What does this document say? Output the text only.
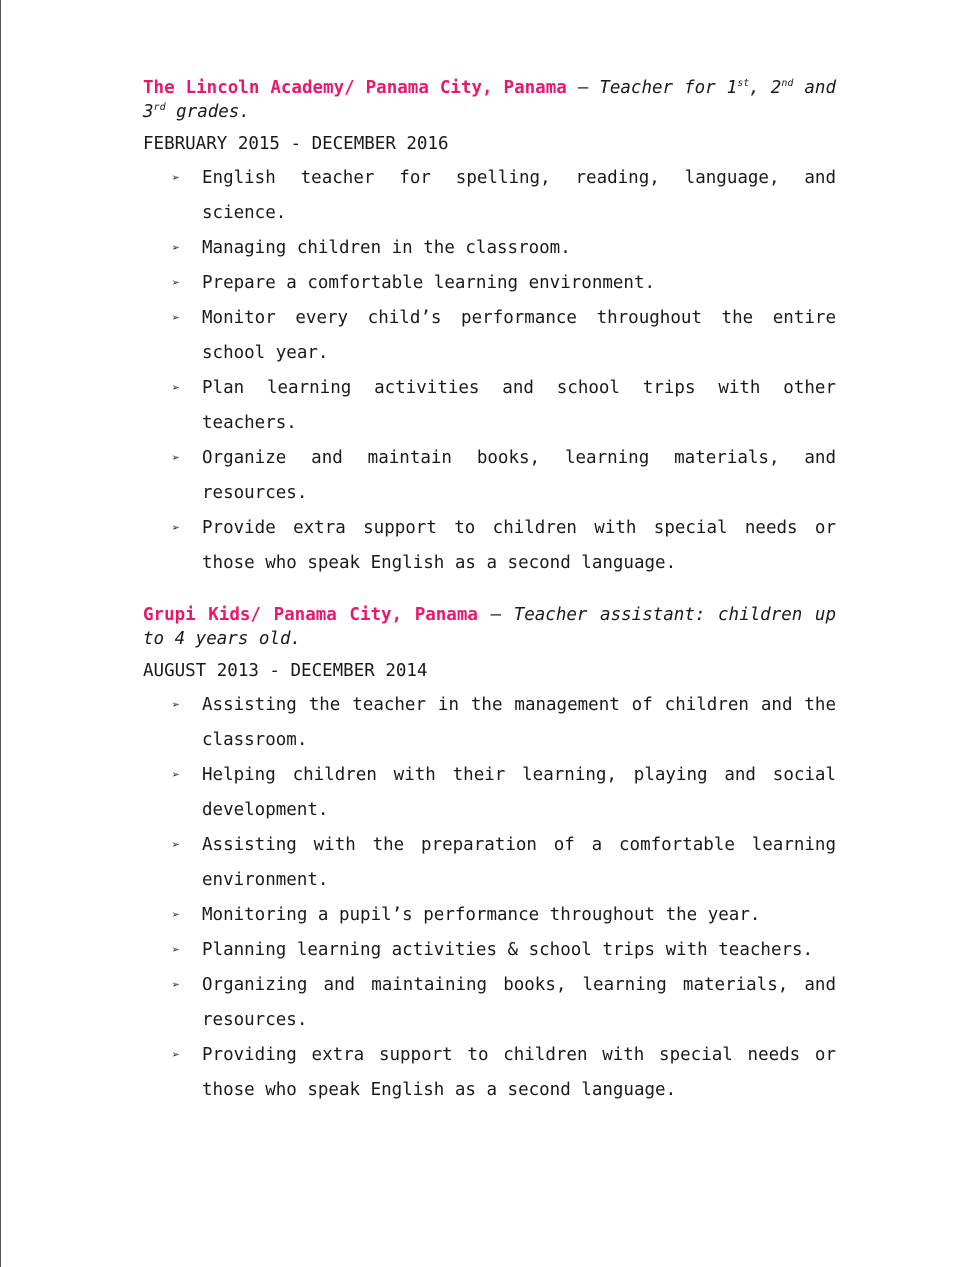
The Lincoln Academy/ Panama City, Panama — Teacher for 1st, 2nd and 3rd grades.
FEBRUARY 2015 - DECEMBER 2016
➢ English teacher for spelling, reading, language, and science.
➢ Managing children in the classroom.
➢ Prepare a comfortable learning environment.
➢ Monitor every child’s performance throughout the entire school year.
➢ Plan learning activities and school trips with other teachers.
➢ Organize and maintain books, learning materials, and resources.
➢ Provide extra support to children with special needs or those who speak English as a second language.
Grupi Kids/ Panama City, Panama — Teacher assistant: children up to 4 years old.
AUGUST 2013 - DECEMBER 2014
➢ Assisting the teacher in the management of children and the classroom.
➢ Helping children with their learning, playing and social development.
➢ Assisting with the preparation of a comfortable learning environment.
➢ Monitoring a pupil’s performance throughout the year.
➢ Planning learning activities & school trips with teachers.
➢ Organizing and maintaining books, learning materials, and resources.
➢ Providing extra support to children with special needs or those who speak English as a second language.
